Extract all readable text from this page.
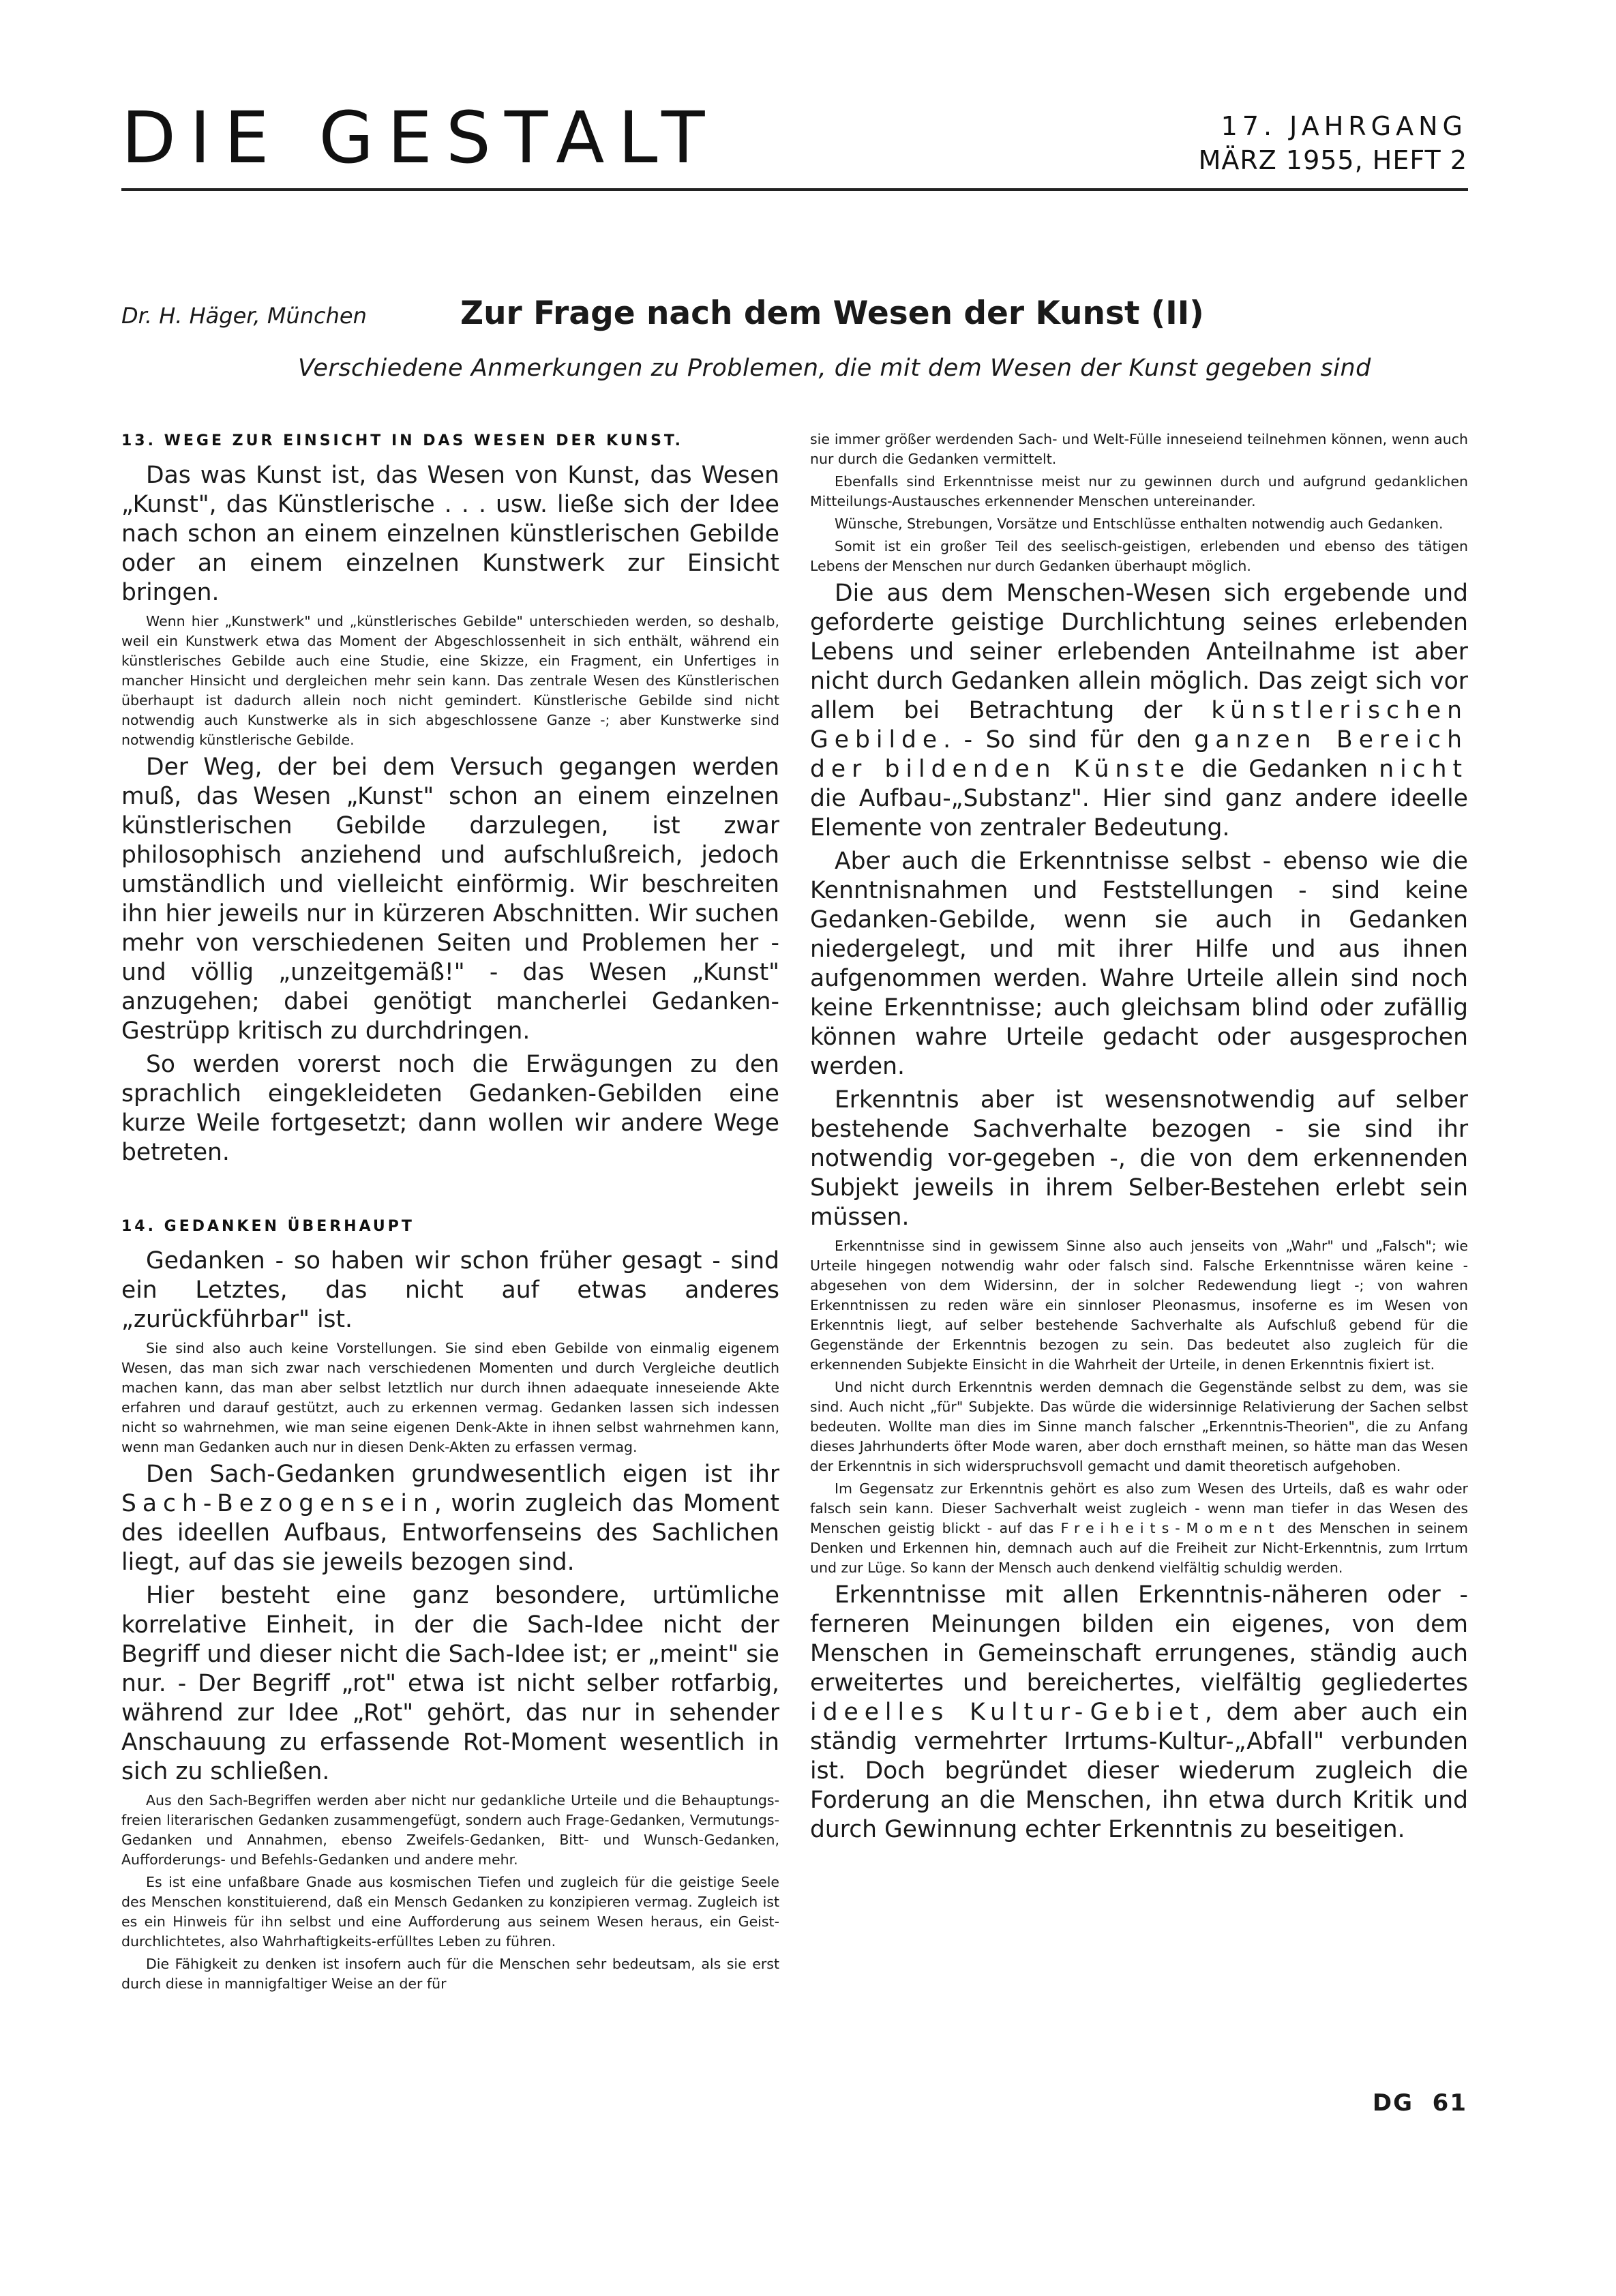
DIE GESTALT	17. JAHRGANG
MÄRZ 1955, HEFT 2
Dr. H. Häger, München	Zur Frage nach dem Wesen der Kunst (II)
Verschiedene Anmerkungen zu Problemen, die mit dem Wesen der Kunst gegeben sind
13. WEGE ZUR EINSICHT IN DAS WESEN DER KUNST.

Das was Kunst ist, das Wesen von Kunst, das Wesen „Kunst", das Künstlerische . . . usw. ließe sich der Idee nach schon an einem einzelnen künstlerischen Gebilde oder an einem einzelnen Kunstwerk zur Einsicht bringen.

Wenn hier „Kunstwerk" und „künstlerisches Gebilde" unterschieden werden, so deshalb, weil ein Kunstwerk etwa das Moment der Abgeschlossenheit in sich enthält, während ein künstlerisches Gebilde auch eine Studie, eine Skizze, ein Fragment, ein Unfertiges in mancher Hinsicht und dergleichen mehr sein kann. Das zentrale Wesen des Künstlerischen überhaupt ist dadurch allein noch nicht gemindert. Künstlerische Gebilde sind nicht notwendig auch Kunstwerke als in sich abgeschlossene Ganze -; aber Kunstwerke sind notwendig künstlerische Gebilde.

Der Weg, der bei dem Versuch gegangen werden muß, das Wesen „Kunst" schon an einem einzelnen künstlerischen Gebilde darzulegen, ist zwar philosophisch anziehend und aufschlußreich, jedoch umständlich und vielleicht einförmig. Wir beschreiten ihn hier jeweils nur in kürzeren Abschnitten. Wir suchen mehr von verschiedenen Seiten und Problemen her - und völlig „unzeitgemäß!" - das Wesen „Kunst" anzugehen; dabei genötigt mancherlei Gedanken-Gestrüpp kritisch zu durchdringen.

So werden vorerst noch die Erwägungen zu den sprachlich eingekleideten Gedanken-Gebilden eine kurze Weile fortgesetzt; dann wollen wir andere Wege betreten.

14. GEDANKEN ÜBERHAUPT

Gedanken - so haben wir schon früher gesagt - sind ein Letztes, das nicht auf etwas anderes „zurückführbar" ist.

Sie sind also auch keine Vorstellungen. Sie sind eben Gebilde von einmalig eigenem Wesen, das man sich zwar nach verschiedenen Momenten und durch Vergleiche deutlich machen kann, das man aber selbst letztlich nur durch ihnen adaequate inneseiende Akte erfahren und darauf gestützt, auch zu erkennen vermag. Gedanken lassen sich indessen nicht so wahrnehmen, wie man seine eigenen Denk-Akte in ihnen selbst wahrnehmen kann, wenn man Gedanken auch nur in diesen Denk-Akten zu erfassen vermag.

Den Sach-Gedanken grundwesentlich eigen ist ihr Sach-Bezogensein, worin zugleich das Moment des ideellen Aufbaus, Entworfenseins des Sachlichen liegt, auf das sie jeweils bezogen sind.

Hier besteht eine ganz besondere, urtümliche korrelative Einheit, in der die Sach-Idee nicht der Begriff und dieser nicht die Sach-Idee ist; er „meint" sie nur. - Der Begriff „rot" etwa ist nicht selber rotfarbig, während zur Idee „Rot" gehört, das nur in sehender Anschauung zu erfassende Rot-Moment wesentlich in sich zu schließen.

Aus den Sach-Begriffen werden aber nicht nur gedankliche Urteile und die Behauptungs-freien literarischen Gedanken zusammengefügt, sondern auch Frage-Gedanken, Vermutungs-Gedanken und Annahmen, ebenso Zweifels-Gedanken, Bitt- und Wunsch-Gedanken, Aufforderungs- und Befehls-Gedanken und andere mehr.

Es ist eine unfaßbare Gnade aus kosmischen Tiefen und zugleich für die geistige Seele des Menschen konstituierend, daß ein Mensch Gedanken zu konzipieren vermag. Zugleich ist es ein Hinweis für ihn selbst und eine Aufforderung aus seinem Wesen heraus, ein Geist-durchlichtetes, also Wahrhaftigkeits-erfülltes Leben zu führen.

Die Fähigkeit zu denken ist insofern auch für die Menschen sehr bedeutsam, als sie erst durch diese in mannigfaltiger Weise an der für

sie immer größer werdenden Sach- und Welt-Fülle inneseiend teilnehmen können, wenn auch nur durch die Gedanken vermittelt.

Ebenfalls sind Erkenntnisse meist nur zu gewinnen durch und aufgrund gedanklichen Mitteilungs-Austausches erkennender Menschen untereinander.

Wünsche, Strebungen, Vorsätze und Entschlüsse enthalten notwendig auch Gedanken.

Somit ist ein großer Teil des seelisch-geistigen, erlebenden und ebenso des tätigen Lebens der Menschen nur durch Gedanken überhaupt möglich.

Die aus dem Menschen-Wesen sich ergebende und geforderte geistige Durchlichtung seines erlebenden Lebens und seiner erlebenden Anteilnahme ist aber nicht durch Gedanken allein möglich. Das zeigt sich vor allem bei Betrachtung der künstlerischen Gebilde. - So sind für den ganzen Bereich der bildenden Künste die Gedanken nicht die Aufbau-„Substanz". Hier sind ganz andere ideelle Elemente von zentraler Bedeutung.

Aber auch die Erkenntnisse selbst - ebenso wie die Kenntnisnahmen und Feststellungen - sind keine Gedanken-Gebilde, wenn sie auch in Gedanken niedergelegt, und mit ihrer Hilfe und aus ihnen aufgenommen werden. Wahre Urteile allein sind noch keine Erkenntnisse; auch gleichsam blind oder zufällig können wahre Urteile gedacht oder ausgesprochen werden.

Erkenntnis aber ist wesensnotwendig auf selber bestehende Sachverhalte bezogen - sie sind ihr notwendig vor-gegeben -, die von dem erkennenden Subjekt jeweils in ihrem Selber-Bestehen erlebt sein müssen.

Erkenntnisse sind in gewissem Sinne also auch jenseits von „Wahr" und „Falsch"; wie Urteile hingegen notwendig wahr oder falsch sind. Falsche Erkenntnisse wären keine - abgesehen von dem Widersinn, der in solcher Redewendung liegt -; von wahren Erkenntnissen zu reden wäre ein sinnloser Pleonasmus, insoferne es im Wesen von Erkenntnis liegt, auf selber bestehende Sachverhalte als Aufschluß gebend für die Gegenstände der Erkenntnis bezogen zu sein. Das bedeutet also zugleich für die erkennenden Subjekte Einsicht in die Wahrheit der Urteile, in denen Erkenntnis fixiert ist.

Und nicht durch Erkenntnis werden demnach die Gegenstände selbst zu dem, was sie sind. Auch nicht „für" Subjekte. Das würde die widersinnige Relativierung der Sachen selbst bedeuten. Wollte man dies im Sinne manch falscher „Erkenntnis-Theorien", die zu Anfang dieses Jahrhunderts öfter Mode waren, aber doch ernsthaft meinen, so hätte man das Wesen der Erkenntnis in sich widerspruchsvoll gemacht und damit theoretisch aufgehoben.

Im Gegensatz zur Erkenntnis gehört es also zum Wesen des Urteils, daß es wahr oder falsch sein kann. Dieser Sachverhalt weist zugleich - wenn man tiefer in das Wesen des Menschen geistig blickt - auf das Freiheits-Moment des Menschen in seinem Denken und Erkennen hin, demnach auch auf die Freiheit zur Nicht-Erkenntnis, zum Irrtum und zur Lüge. So kann der Mensch auch denkend vielfältig schuldig werden.

Erkenntnisse mit allen Erkenntnis-näheren oder -ferneren Meinungen bilden ein eigenes, von dem Menschen in Gemeinschaft errungenes, ständig auch erweitertes und bereichertes, vielfältig gegliedertes ideelles Kultur-Gebiet, dem aber auch ein ständig vermehrter Irrtums-Kultur-„Abfall" verbunden ist. Doch begründet dieser wiederum zugleich die Forderung an die Menschen, ihn etwa durch Kritik und durch Gewinnung echter Erkenntnis zu beseitigen.

DG 61
